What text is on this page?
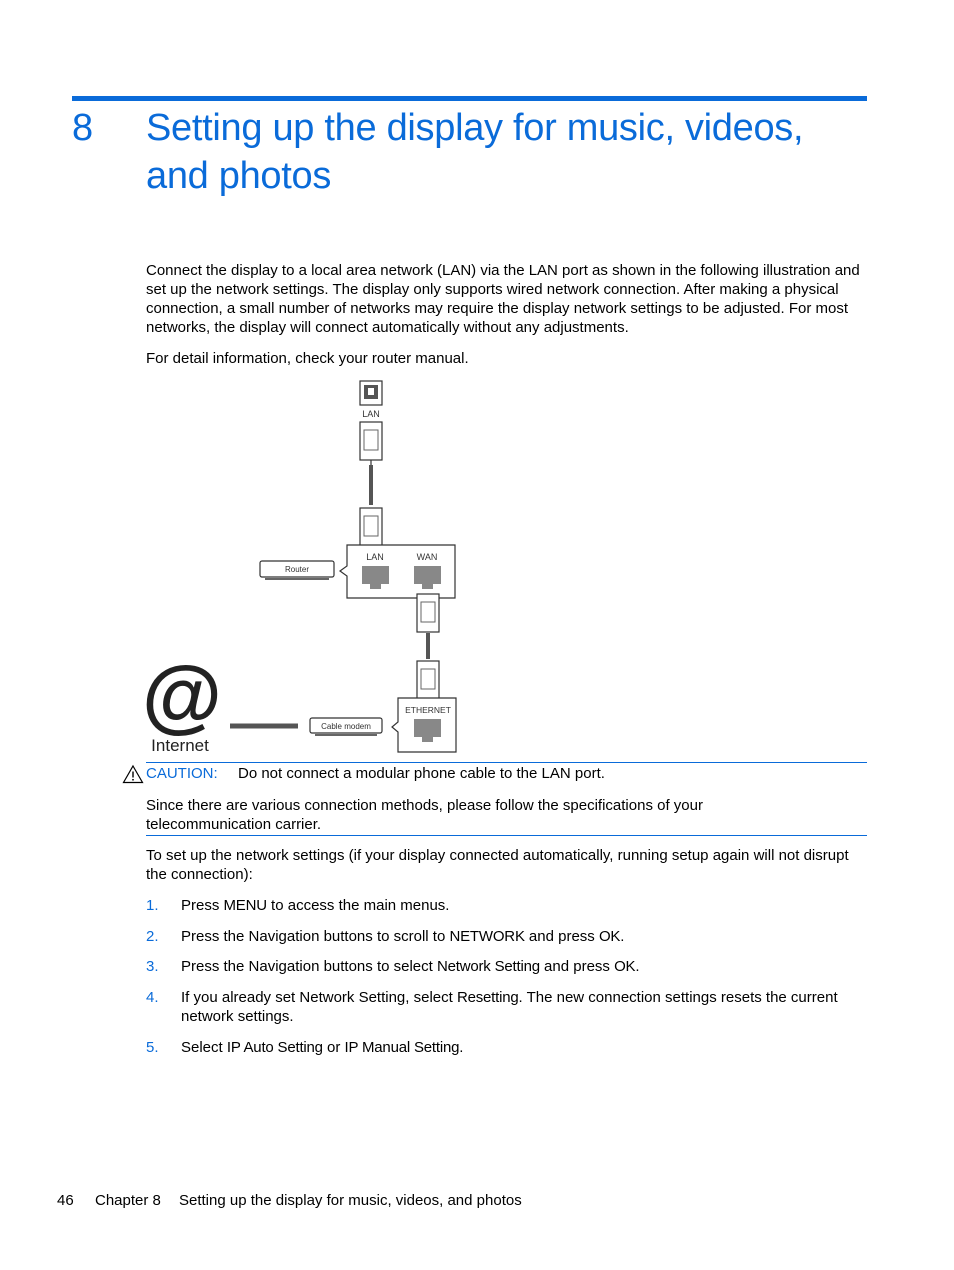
8 Setting up the display for music, videos, and photos
Connect the display to a local area network (LAN) via the LAN port as shown in the following illustration and set up the network settings. The display only supports wired network connection. After making a physical connection, a small number of networks may require the display network settings to be adjusted. For most networks, the display will connect automatically without any adjustments.
For detail information, check your router manual.
LAN
Router
LAN	WAN
ETHERNET
Cable modem
@
Internet
CAUTION: Do not connect a modular phone cable to the LAN port.
Since there are various connection methods, please follow the specifications of your telecommunication carrier.
To set up the network settings (if your display connected automatically, running setup again will not disrupt the connection):
1. Press MENU to access the main menus.
2. Press the Navigation buttons to scroll to NETWORK and press OK.
3. Press the Navigation buttons to select Network Setting and press OK.
4. If you already set Network Setting, select Resetting. The new connection settings resets the current network settings.
5. Select IP Auto Setting or IP Manual Setting.
46 Chapter 8 Setting up the display for music, videos, and photos
